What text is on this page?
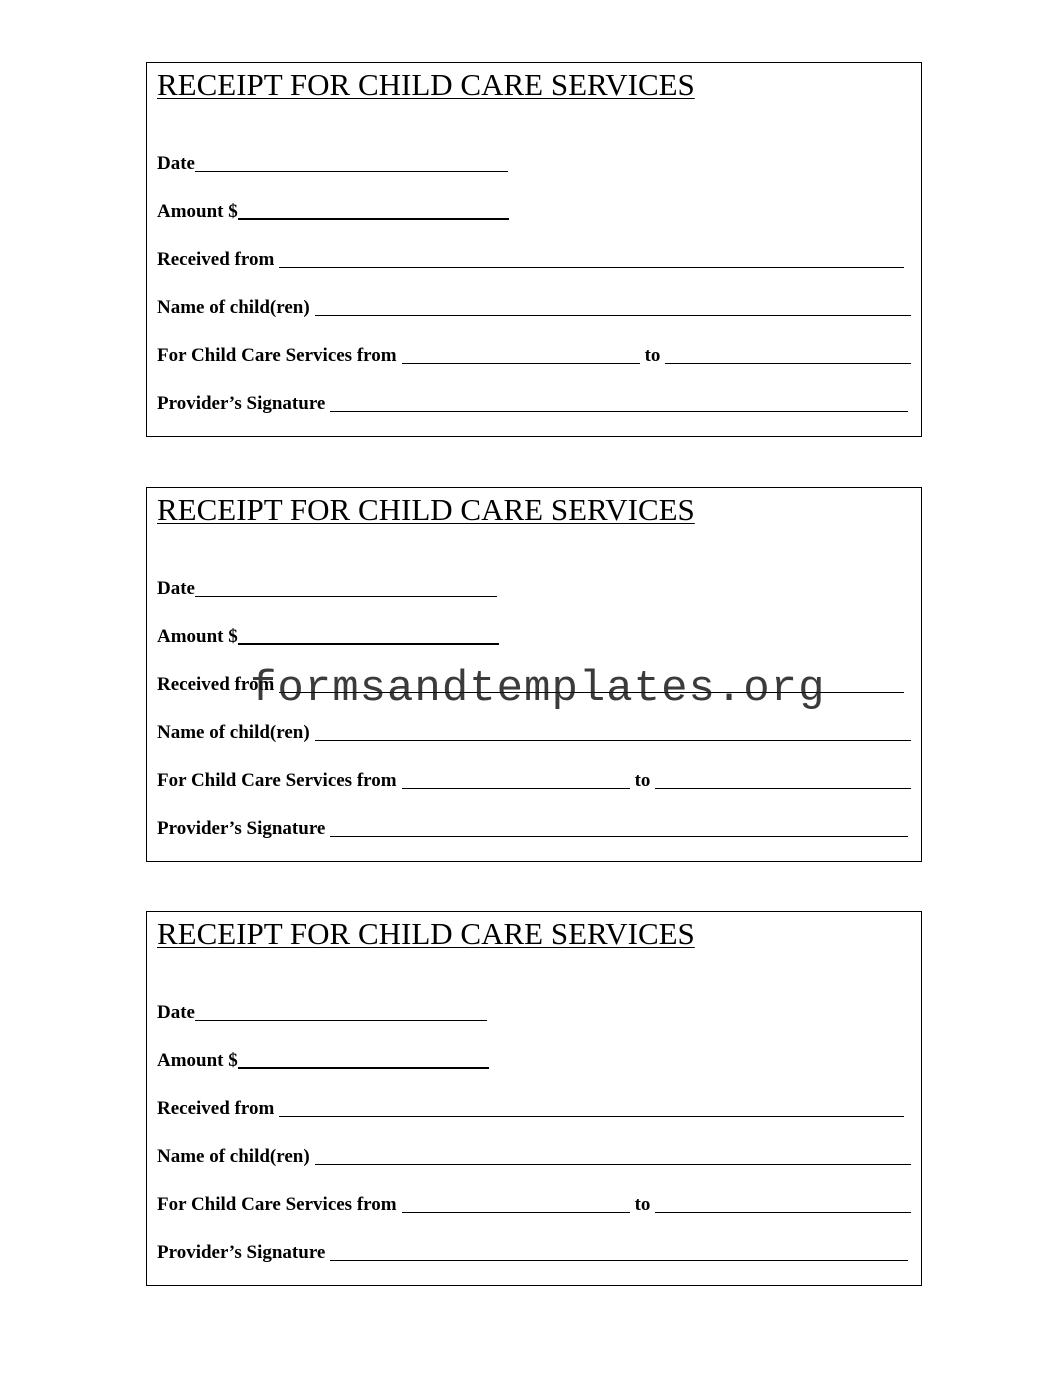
RECEIPT FOR CHILD CARE SERVICES
Date
Amount $
Received from
Name of child(ren)
For Child Care Services from	to
Provider’s Signature
RECEIPT FOR CHILD CARE SERVICES
Date
Amount $
Received from
Name of child(ren)
For Child Care Services from	to
Provider’s Signature
RECEIPT FOR CHILD CARE SERVICES
Date
Amount $
Received from
Name of child(ren)
For Child Care Services from	to
Provider’s Signature
formsandtemplates.org
